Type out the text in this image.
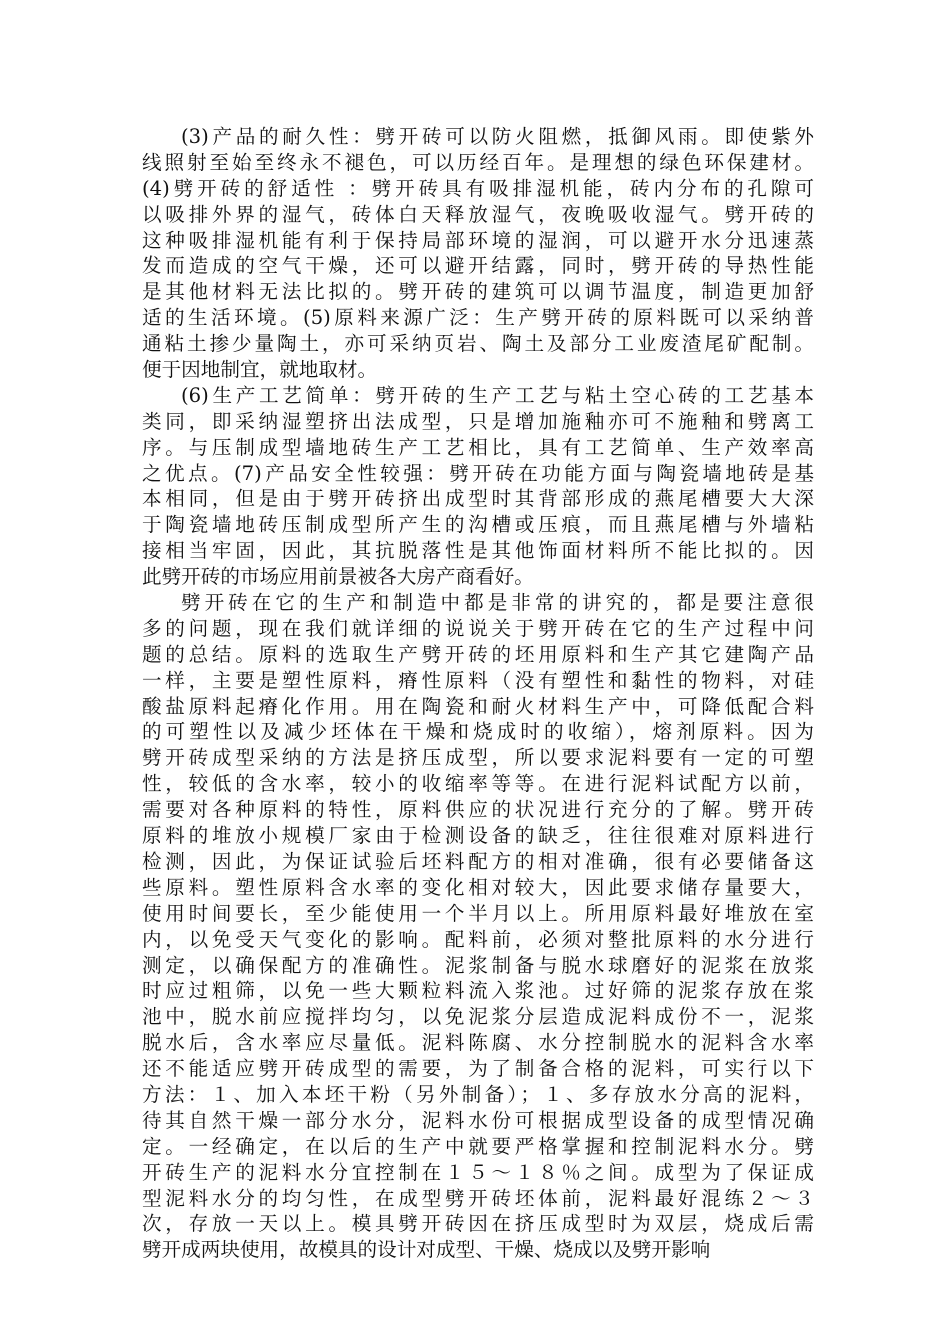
(3)产品的耐久性：劈开砖可以防火阻燃，抵御风雨。即使紫外
线照射至始至终永不褪色，可以历经百年。是理想的绿色环保建材。
(4)劈开砖的舒适性 ：劈开砖具有吸排湿机能，砖内分布的孔隙可
以吸排外界的湿气，砖体白天释放湿气，夜晚吸收湿气。劈开砖的
这种吸排湿机能有利于保持局部环境的湿润，可以避开水分迅速蒸
发而造成的空气干燥，还可以避开结露，同时，劈开砖的导热性能
是其他材料无法比拟的。劈开砖的建筑可以调节温度，制造更加舒
适的生活环境。(5)原料来源广泛：生产劈开砖的原料既可以采纳普
通粘土掺少量陶土，亦可采纳页岩、陶土及部分工业废渣尾矿配制。
便于因地制宜，就地取材。
(6)生产工艺简单：劈开砖的生产工艺与粘土空心砖的工艺基本
类同，即采纳湿塑挤出法成型，只是增加施釉亦可不施釉和劈离工
序。与压制成型墙地砖生产工艺相比，具有工艺简单、生产效率高
之优点。(7)产品安全性较强：劈开砖在功能方面与陶瓷墙地砖是基
本相同，但是由于劈开砖挤出成型时其背部形成的燕尾槽要大大深
于陶瓷墙地砖压制成型所产生的沟槽或压痕，而且燕尾槽与外墙粘
接相当牢固，因此，其抗脱落性是其他饰面材料所不能比拟的。因
此劈开砖的市场应用前景被各大房产商看好。
劈开砖在它的生产和制造中都是非常的讲究的，都是要注意很
多的问题，现在我们就详细的说说关于劈开砖在它的生产过程中问
题的总结。原料的选取生产劈开砖的坯用原料和生产其它建陶产品
一样，主要是塑性原料，瘠性原料（没有塑性和黏性的物料，对硅
酸盐原料起瘠化作用。用在陶瓷和耐火材料生产中，可降低配合料
的可塑性以及减少坯体在干燥和烧成时的收缩），熔剂原料。因为
劈开砖成型采纳的方法是挤压成型，所以要求泥料要有一定的可塑
性，较低的含水率，较小的收缩率等等。在进行泥料试配方以前，
需要对各种原料的特性，原料供应的状况进行充分的了解。劈开砖
原料的堆放小规模厂家由于检测设备的缺乏，往往很难对原料进行
检测，因此，为保证试验后坯料配方的相对准确，很有必要储备这
些原料。塑性原料含水率的变化相对较大，因此要求储存量要大，
使用时间要长，至少能使用一个半月以上。所用原料最好堆放在室
内，以免受天气变化的影响。配料前，必须对整批原料的水分进行
测定，以确保配方的准确性。泥浆制备与脱水球磨好的泥浆在放浆
时应过粗筛，以免一些大颗粒料流入浆池。过好筛的泥浆存放在浆
池中，脱水前应搅拌均匀，以免泥浆分层造成泥料成份不一，泥浆
脱水后，含水率应尽量低。泥料陈腐、水分控制脱水的泥料含水率
还不能适应劈开砖成型的需要，为了制备合格的泥料，可实行以下
方法：１、加入本坯干粉（另外制备）；１、多存放水分高的泥料，
待其自然干燥一部分水分，泥料水份可根据成型设备的成型情况确
定。一经确定，在以后的生产中就要严格掌握和控制泥料水分。劈
开砖生产的泥料水分宜控制在１５～１８％之间。成型为了保证成
型泥料水分的均匀性，在成型劈开砖坯体前，泥料最好混练２～３
次，存放一天以上。模具劈开砖因在挤压成型时为双层，烧成后需
劈开成两块使用，故模具的设计对成型、干燥、烧成以及劈开影响
